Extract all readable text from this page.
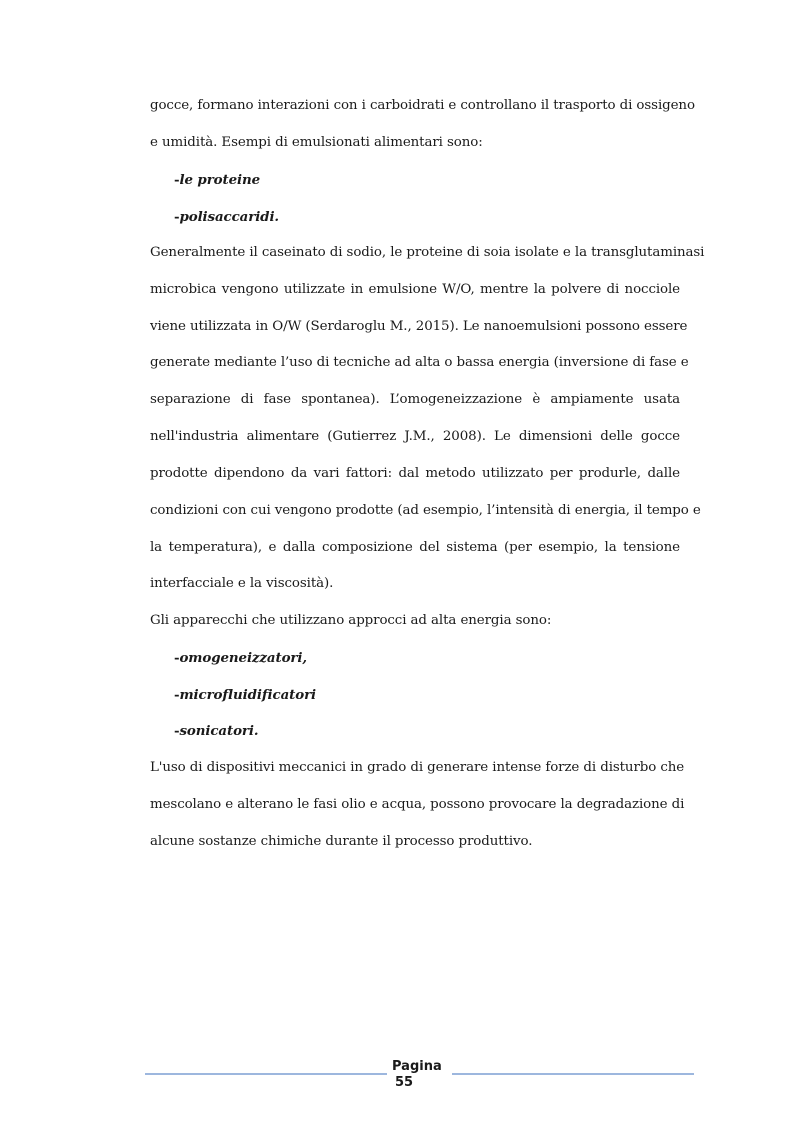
gocce, formano interazioni con i carboidrati e controllano il trasporto di ossigeno
e umidità. Esempi di emulsionati alimentari sono:
-le proteine
-polisaccaridi.
Generalmente il caseinato di sodio, le proteine di soia isolate e la transglutaminasi
microbica vengono utilizzate in emulsione W/O, mentre la polvere di nocciole
viene utilizzata in O/W (Serdaroglu M., 2015). Le nanoemulsioni possono essere
generate mediante l’uso di tecniche ad alta o bassa energia (inversione di fase e
separazione di fase spontanea). L’omogeneizzazione è ampiamente usata
nell'industria alimentare (Gutierrez J.M., 2008). Le dimensioni delle gocce
prodotte dipendono da vari fattori: dal metodo utilizzato per produrle, dalle
condizioni con cui vengono prodotte (ad esempio, l’intensità di energia, il tempo e
la temperatura), e dalla composizione del sistema (per esempio, la tensione
interfacciale e la viscosità).
Gli apparecchi che utilizzano approcci ad alta energia sono:
-omogeneizzatori,
-microfluidificatori
-sonicatori.
L'uso di dispositivi meccanici in grado di generare intense forze di disturbo che
mescolano e alterano le fasi olio e acqua, possono provocare la degradazione di
alcune sostanze chimiche durante il processo produttivo.
Pagina
55
